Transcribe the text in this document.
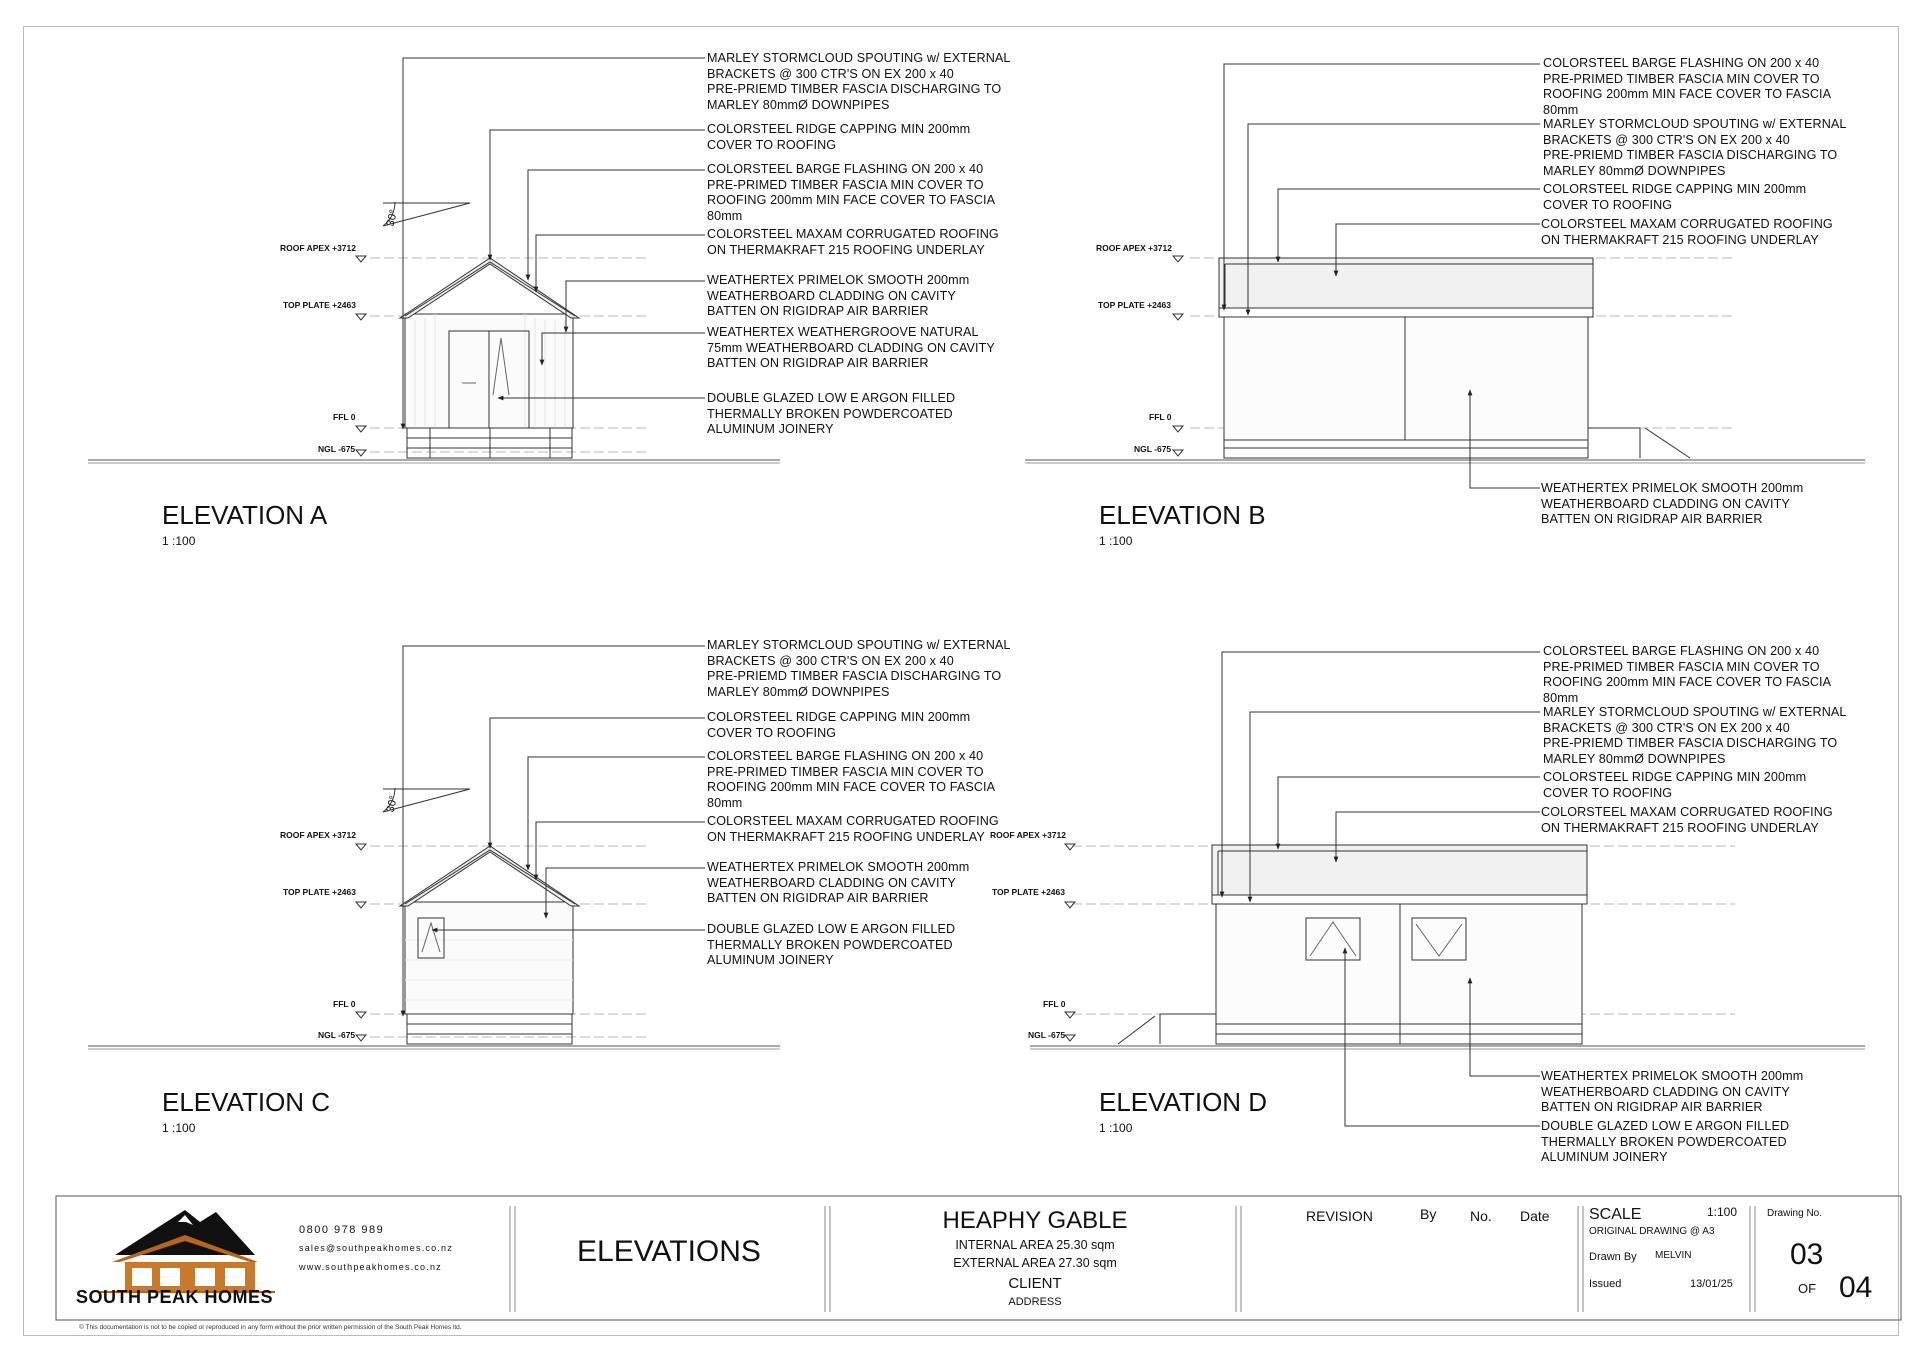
MARLEY STORMCLOUD SPOUTING w/ EXTERNAL
BRACKETS @ 300 CTR'S ON EX 200 x 40
PRE-PRIEMD TIMBER FASCIA DISCHARGING TO
MARLEY 80mmØ DOWNPIPES
COLORSTEEL RIDGE CAPPING MIN 200mm
COVER TO ROOFING
COLORSTEEL BARGE FLASHING ON 200 x 40
PRE-PRIMED TIMBER FASCIA MIN COVER TO
ROOFING 200mm MIN FACE COVER TO FASCIA
80mm
COLORSTEEL MAXAM CORRUGATED ROOFING
ON THERMAKRAFT 215 ROOFING UNDERLAY
WEATHERTEX PRIMELOK SMOOTH 200mm
WEATHERBOARD CLADDING ON CAVITY
BATTEN ON RIGIDRAP AIR BARRIER
WEATHERTEX WEATHERGROOVE NATURAL
75mm WEATHERBOARD CLADDING ON CAVITY
BATTEN ON RIGIDRAP AIR BARRIER
DOUBLE GLAZED LOW E ARGON FILLED
THERMALLY BROKEN POWDERCOATED
ALUMINUM JOINERY
ROOF APEX +3712
TOP PLATE +2463
FFL 0
NGL -675
30°
ELEVATION A
1 :100
COLORSTEEL BARGE FLASHING ON 200 x 40
PRE-PRIMED TIMBER FASCIA MIN COVER TO
ROOFING 200mm MIN FACE COVER TO FASCIA
80mm
MARLEY STORMCLOUD SPOUTING w/ EXTERNAL
BRACKETS @ 300 CTR'S ON EX 200 x 40
PRE-PRIEMD TIMBER FASCIA DISCHARGING TO
MARLEY 80mmØ DOWNPIPES
COLORSTEEL RIDGE CAPPING MIN 200mm
COVER TO ROOFING
COLORSTEEL MAXAM CORRUGATED ROOFING
ON THERMAKRAFT 215 ROOFING UNDERLAY
WEATHERTEX PRIMELOK SMOOTH 200mm
WEATHERBOARD CLADDING ON CAVITY
BATTEN ON RIGIDRAP AIR BARRIER
ROOF APEX +3712
TOP PLATE +2463
FFL 0
NGL -675
ELEVATION B
1 :100
MARLEY STORMCLOUD SPOUTING w/ EXTERNAL
BRACKETS @ 300 CTR'S ON EX 200 x 40
PRE-PRIEMD TIMBER FASCIA DISCHARGING TO
MARLEY 80mmØ DOWNPIPES
COLORSTEEL RIDGE CAPPING MIN 200mm
COVER TO ROOFING
COLORSTEEL BARGE FLASHING ON 200 x 40
PRE-PRIMED TIMBER FASCIA MIN COVER TO
ROOFING 200mm MIN FACE COVER TO FASCIA
80mm
COLORSTEEL MAXAM CORRUGATED ROOFING
ON THERMAKRAFT 215 ROOFING UNDERLAY
WEATHERTEX PRIMELOK SMOOTH 200mm
WEATHERBOARD CLADDING ON CAVITY
BATTEN ON RIGIDRAP AIR BARRIER
DOUBLE GLAZED LOW E ARGON FILLED
THERMALLY BROKEN POWDERCOATED
ALUMINUM JOINERY
ROOF APEX +3712
TOP PLATE +2463
FFL 0
NGL -675
30°
ELEVATION C
1 :100
COLORSTEEL BARGE FLASHING ON 200 x 40
PRE-PRIMED TIMBER FASCIA MIN COVER TO
ROOFING 200mm MIN FACE COVER TO FASCIA
80mm
MARLEY STORMCLOUD SPOUTING w/ EXTERNAL
BRACKETS @ 300 CTR'S ON EX 200 x 40
PRE-PRIEMD TIMBER FASCIA DISCHARGING TO
MARLEY 80mmØ DOWNPIPES
COLORSTEEL RIDGE CAPPING MIN 200mm
COVER TO ROOFING
COLORSTEEL MAXAM CORRUGATED ROOFING
ON THERMAKRAFT 215 ROOFING UNDERLAY
WEATHERTEX PRIMELOK SMOOTH 200mm
WEATHERBOARD CLADDING ON CAVITY
BATTEN ON RIGIDRAP AIR BARRIER
DOUBLE GLAZED LOW E ARGON FILLED
THERMALLY BROKEN POWDERCOATED
ALUMINUM JOINERY
ROOF APEX +3712
TOP PLATE +2463
FFL 0
NGL -675
ELEVATION D
1 :100
SOUTH PEAK HOMES
0800 978 989
sales@southpeakhomes.co.nz
www.southpeakhomes.co.nz	ELEVATIONS
HEAPHY GABLE
INTERNAL AREA 25.30 sqm
EXTERNAL AREA 27.30 sqm
CLIENT
ADDRESS
REVISION	By No. Date SCALE	1:100
ORIGINAL DRAWING @ A3
Drawn By MELVIN
Issued	13/01/25
Drawing No.
03
OF 04
© This documentation is not to be copied or reproduced in any form without the prior written permission of the South Peak Homes ltd.
